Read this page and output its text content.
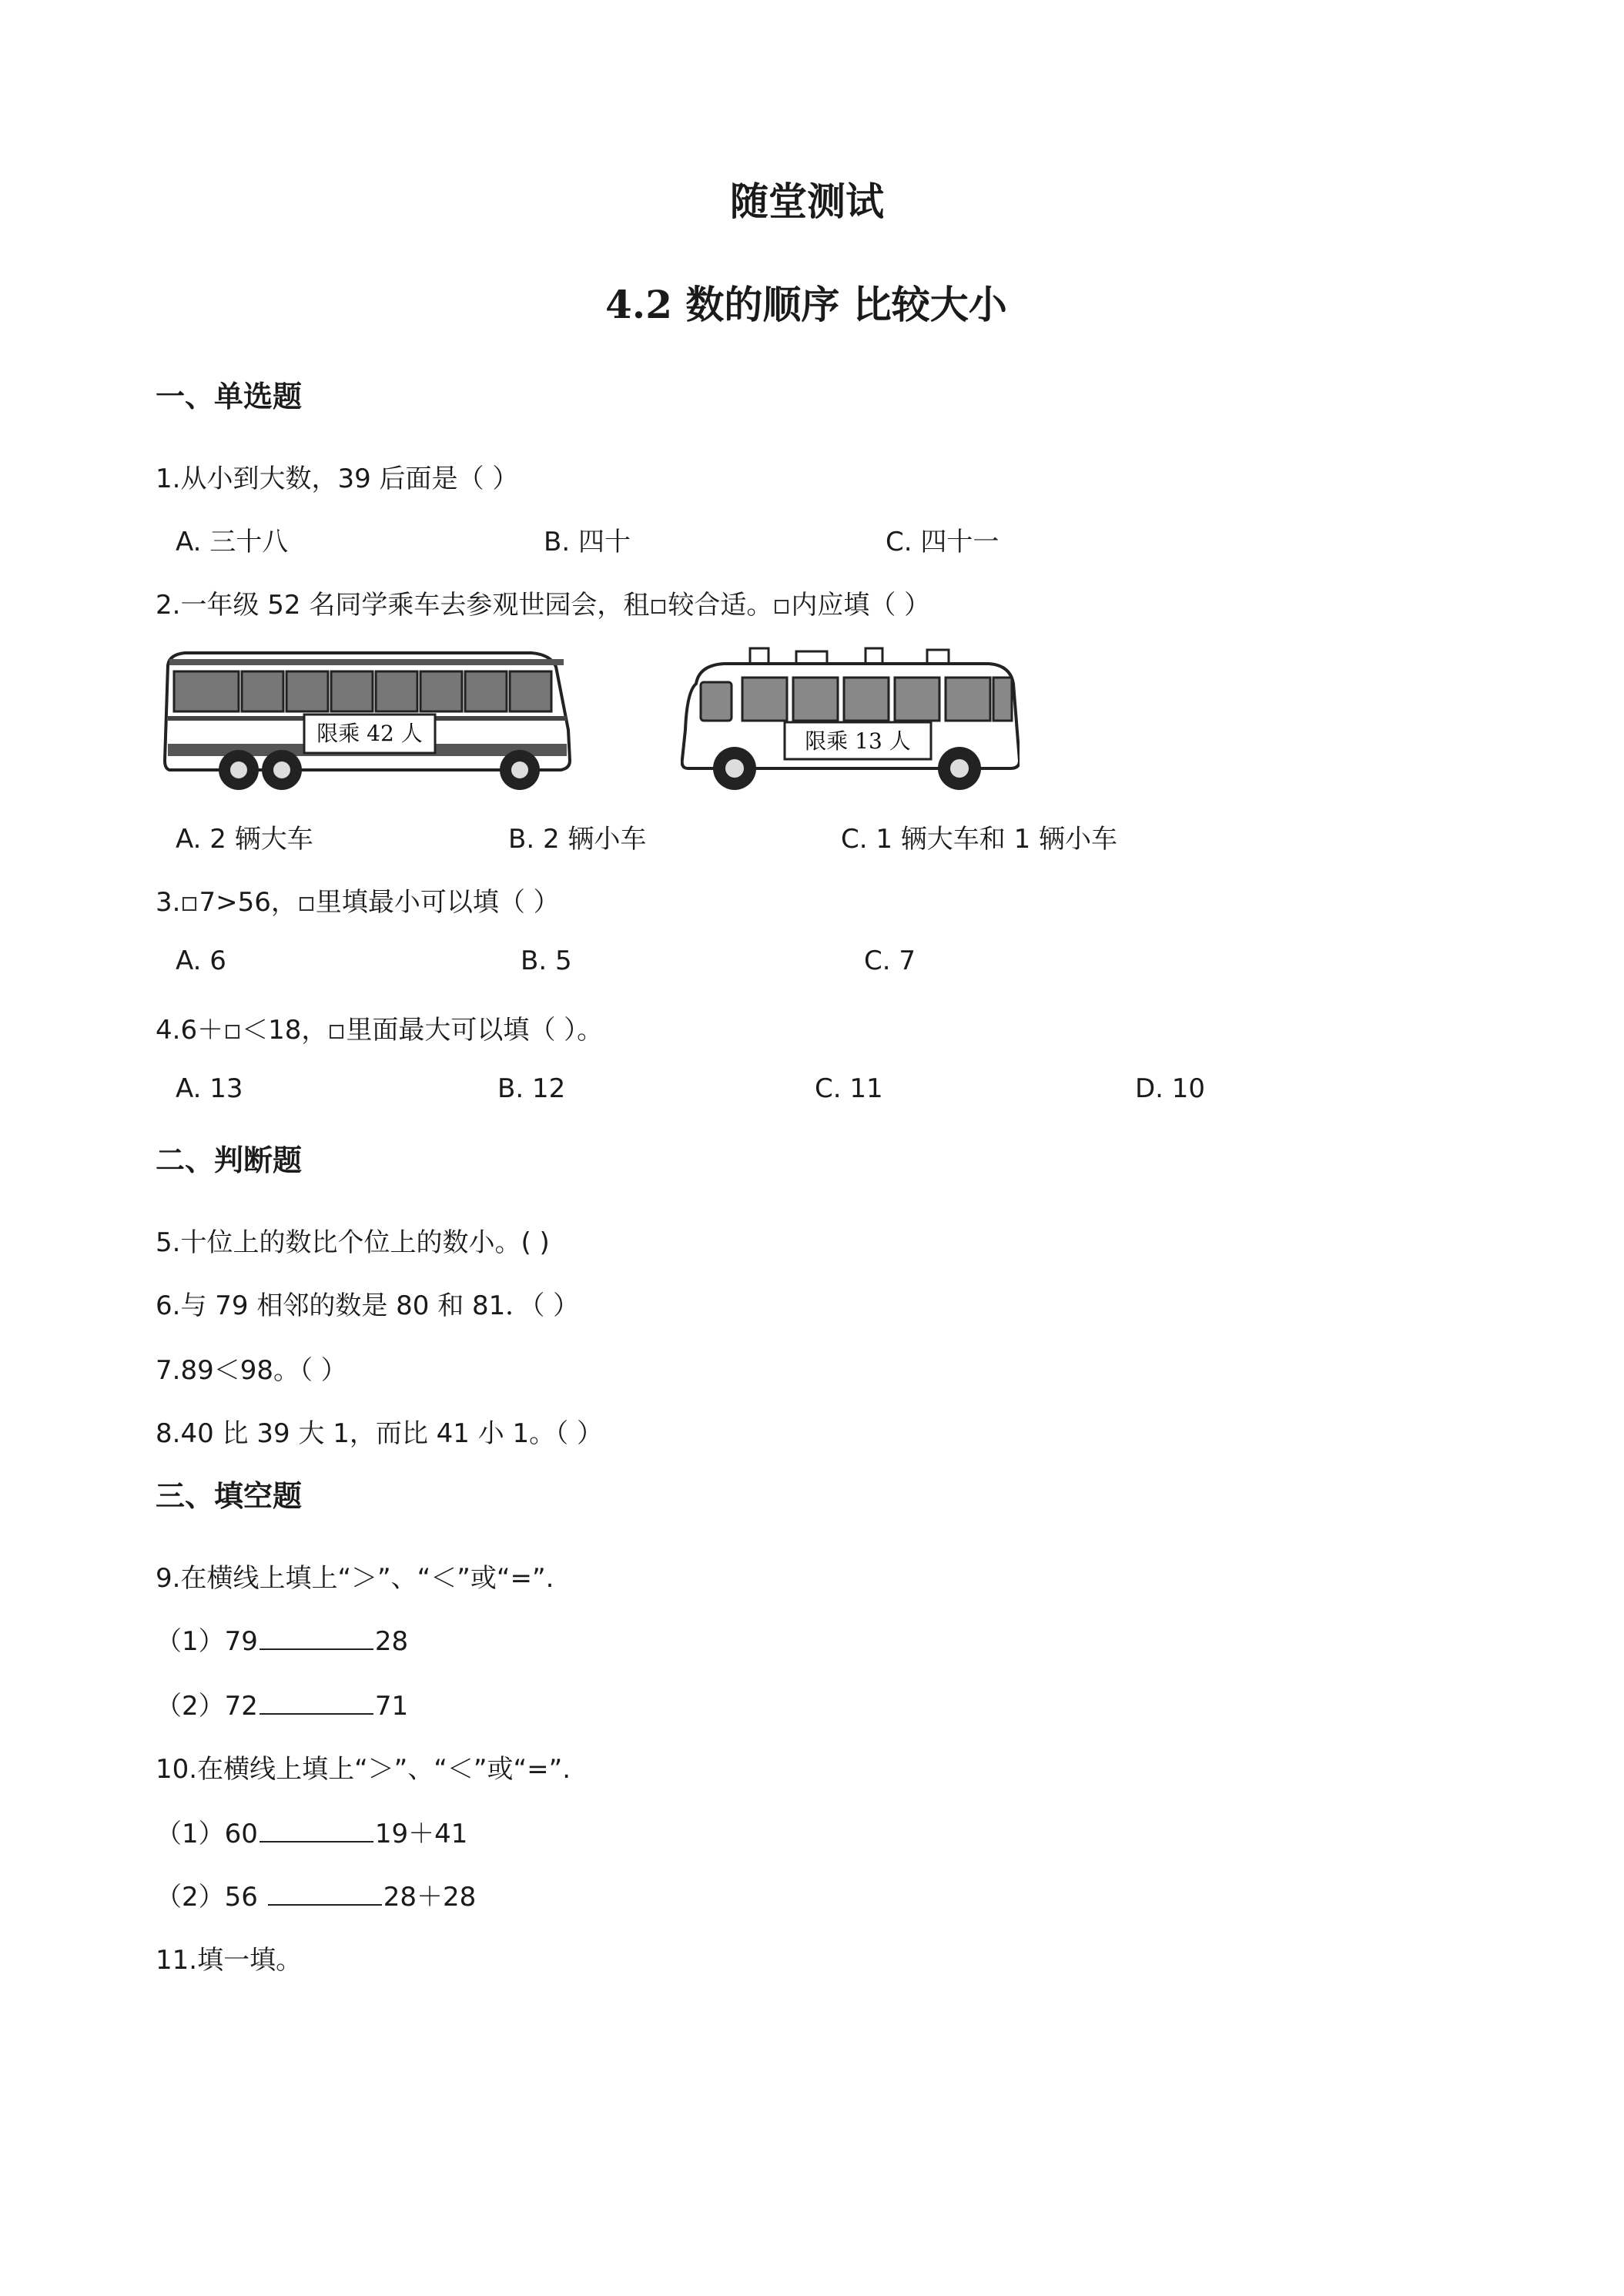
随堂测试
4.2 数的顺序 比较大小
一、单选题
1.从小到大数，39 后面是（ ）
A. 三十八	B. 四十	C. 四十一
2.一年级 52 名同学乘车去参观世园会，租 较合适。 内应填（ ）
限乘 42 人	限乘 13 人
A. 2 辆大车	B. 2 辆小车	C. 1 辆大车和 1 辆小车
3. 7>56， 里填最小可以填（ ）
A. 6	B. 5	C. 7
4.6＋ ＜18， 里面最大可以填（ ）。
A. 13	B. 12	C. 11	D. 10
二、判断题
5.十位上的数比个位上的数小。( )
6.与 79 相邻的数是 80 和 81．（ ）
7.89＜98。（ ）
8.40 比 39 大 1，而比 41 小 1。（ ）
三、填空题
9.在横线上填上“＞”、“＜”或“=”.
（1）79	28
（2）72	71
10.在横线上填上“＞”、“＜”或“=”.
（1）60	19＋41
（2）56	28＋28
11.填一填。
